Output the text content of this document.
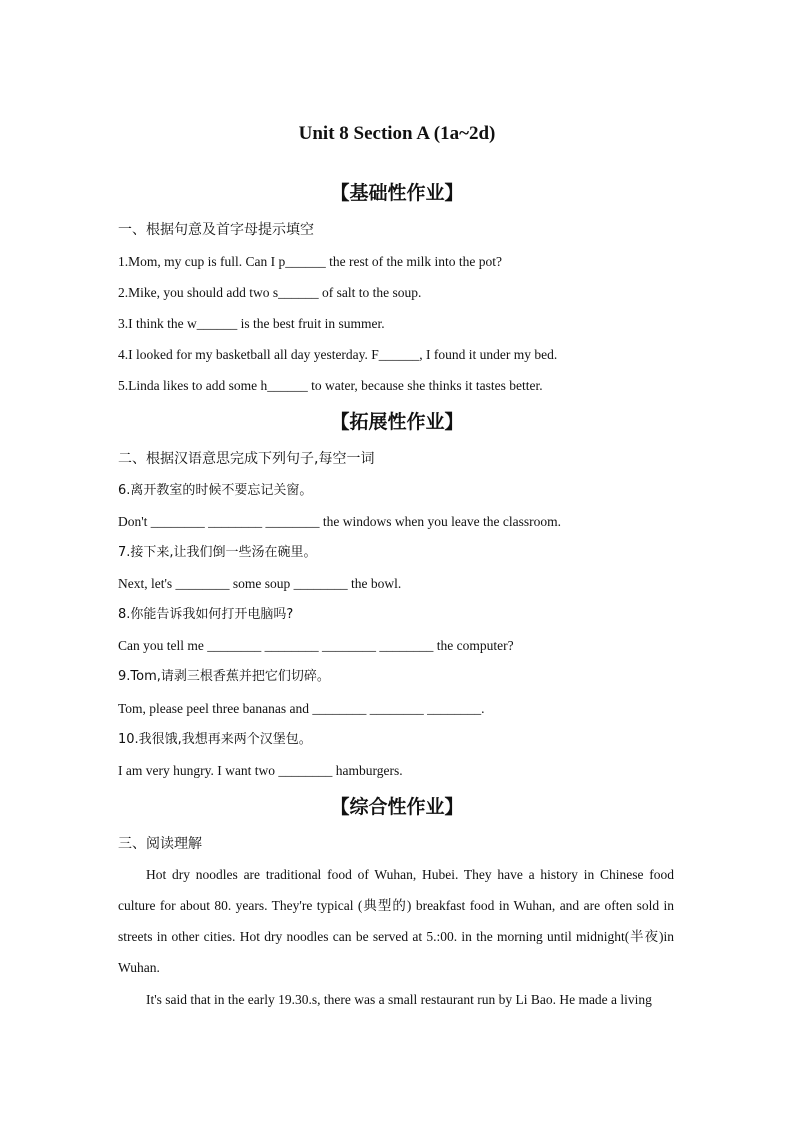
Unit 8 Section A (1a~2d)
【基础性作业】
一、根据句意及首字母提示填空
1.Mom, my cup is full. Can I p______ the rest of the milk into the pot?
2.Mike, you should add two s______ of salt to the soup.
3.I think the w______ is the best fruit in summer.
4.I looked for my basketball all day yesterday. F______, I found it under my bed.
5.Linda likes to add some h______ to water, because she thinks it tastes better.
【拓展性作业】
二、根据汉语意思完成下列句子,每空一词
6.离开教室的时候不要忘记关窗。
Don't ________ ________ ________ the windows when you leave the classroom.
7.接下来,让我们倒一些汤在碗里。
Next, let's ________ some soup ________ the bowl.
8.你能告诉我如何打开电脑吗?
Can you tell me ________ ________ ________ ________ the computer?
9.Tom,请剥三根香蕉并把它们切碎。
Tom, please peel three bananas and ________ ________ ________.
10.我很饿,我想再来两个汉堡包。
I am very hungry. I want two ________ hamburgers.
【综合性作业】
三、阅读理解
Hot dry noodles are traditional food of Wuhan, Hubei. They have a history in Chinese food culture for about 80. years. They're typical (典型的) breakfast food in Wuhan, and are often sold in streets in other cities. Hot dry noodles can be served at 5.:00. in the morning until midnight(半夜)in Wuhan.
It's said that in the early 19.30.s, there was a small restaurant run by Li Bao. He made a living
